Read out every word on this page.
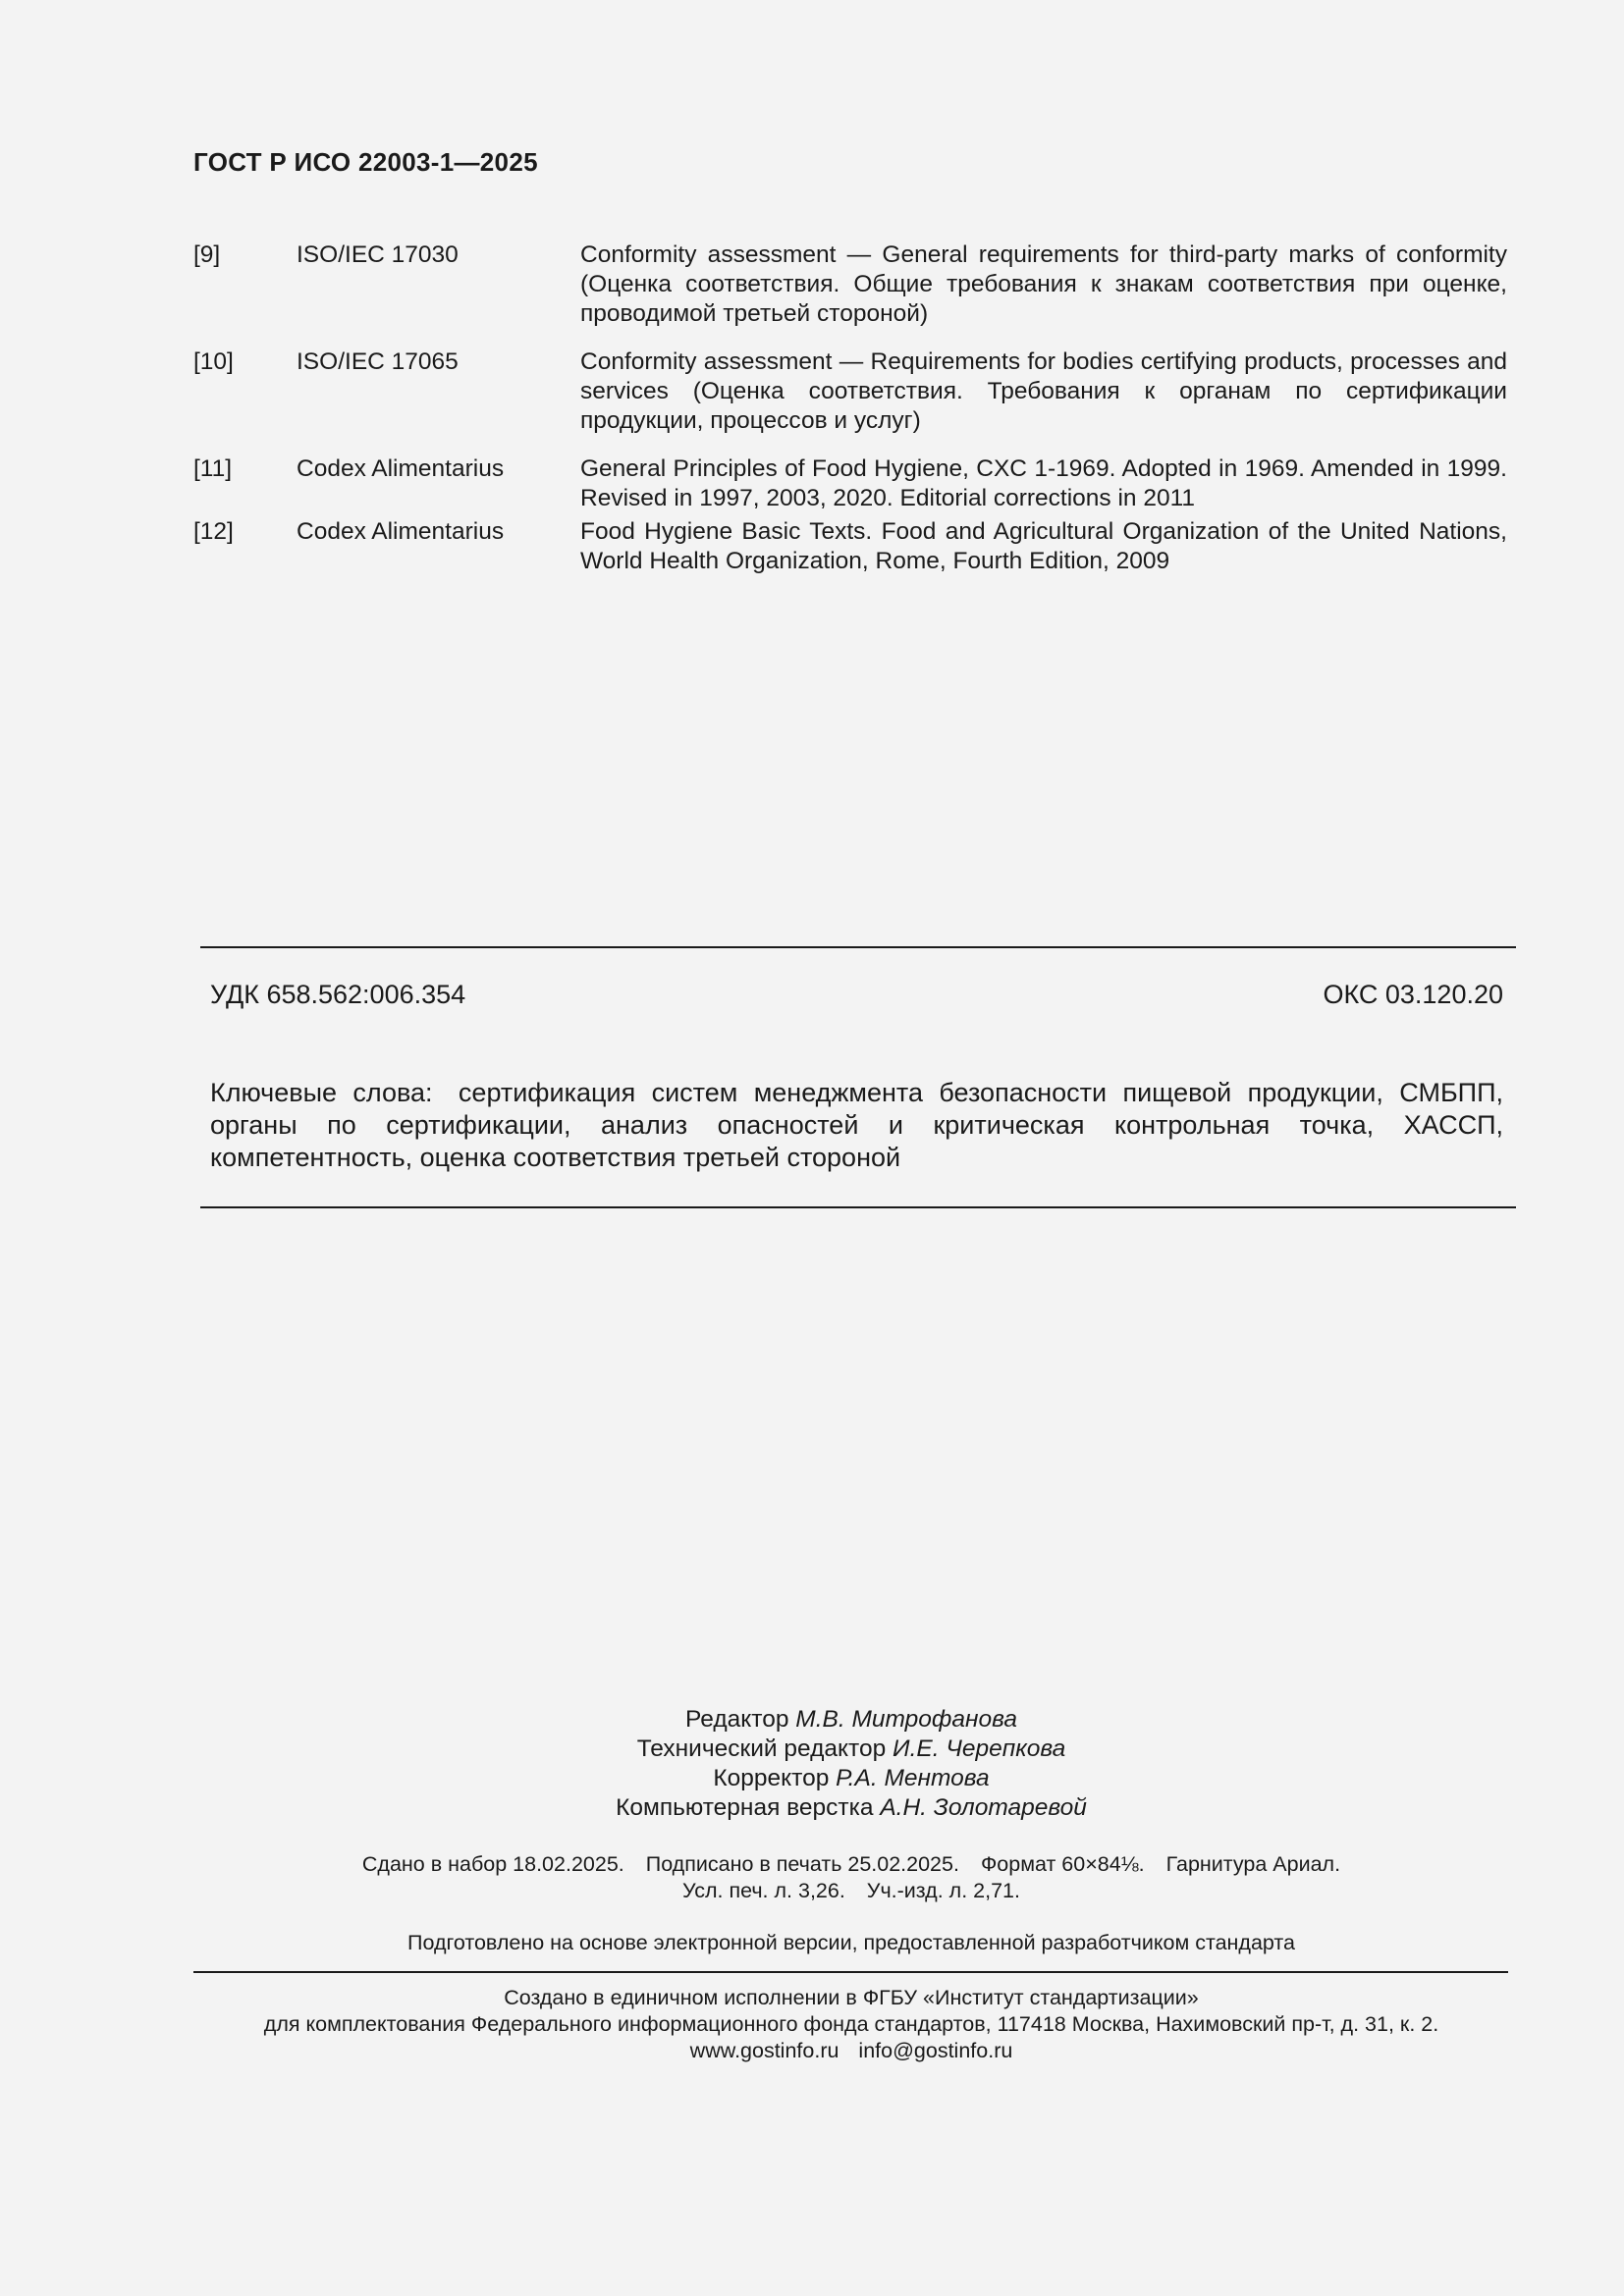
ГОСТ Р ИСО 22003-1—2025
[9]	ISO/IEC 17030	Conformity assessment — General requirements for third-party marks of conformity (Оценка соответствия. Общие требования к знакам соответствия при оценке, проводимой третьей стороной)
[10]	ISO/IEC 17065	Conformity assessment — Requirements for bodies certifying products, processes and services (Оценка соответствия. Требования к органам по сертификации продукции, процессов и услуг)
[11]	Codex Alimentarius	General Principles of Food Hygiene, CXC 1-1969. Adopted in 1969. Amended in 1999. Revised in 1997, 2003, 2020. Editorial corrections in 2011
[12]	Codex Alimentarius	Food Hygiene Basic Texts. Food and Agricultural Organization of the United Nations, World Health Organization, Rome, Fourth Edition, 2009
УДК 658.562:006.354	ОКС 03.120.20
Ключевые слова: сертификация систем менеджмента безопасности пищевой продукции, СМБПП, органы по сертификации, анализ опасностей и критическая контрольная точка, ХАССП, компетентность, оценка соответствия третьей стороной
Редактор М.В. Митрофанова
Технический редактор И.Е. Черепкова
Корректор Р.А. Ментова
Компьютерная верстка А.Н. Золотаревой
Сдано в набор 18.02.2025. Подписано в печать 25.02.2025. Формат 60×84⅛. Гарнитура Ариал.
Усл. печ. л. 3,26. Уч.-изд. л. 2,71.
Подготовлено на основе электронной версии, предоставленной разработчиком стандарта
Создано в единичном исполнении в ФГБУ «Институт стандартизации»
для комплектования Федерального информационного фонда стандартов, 117418 Москва, Нахимовский пр-т, д. 31, к. 2.
www.gostinfo.ru info@gostinfo.ru
